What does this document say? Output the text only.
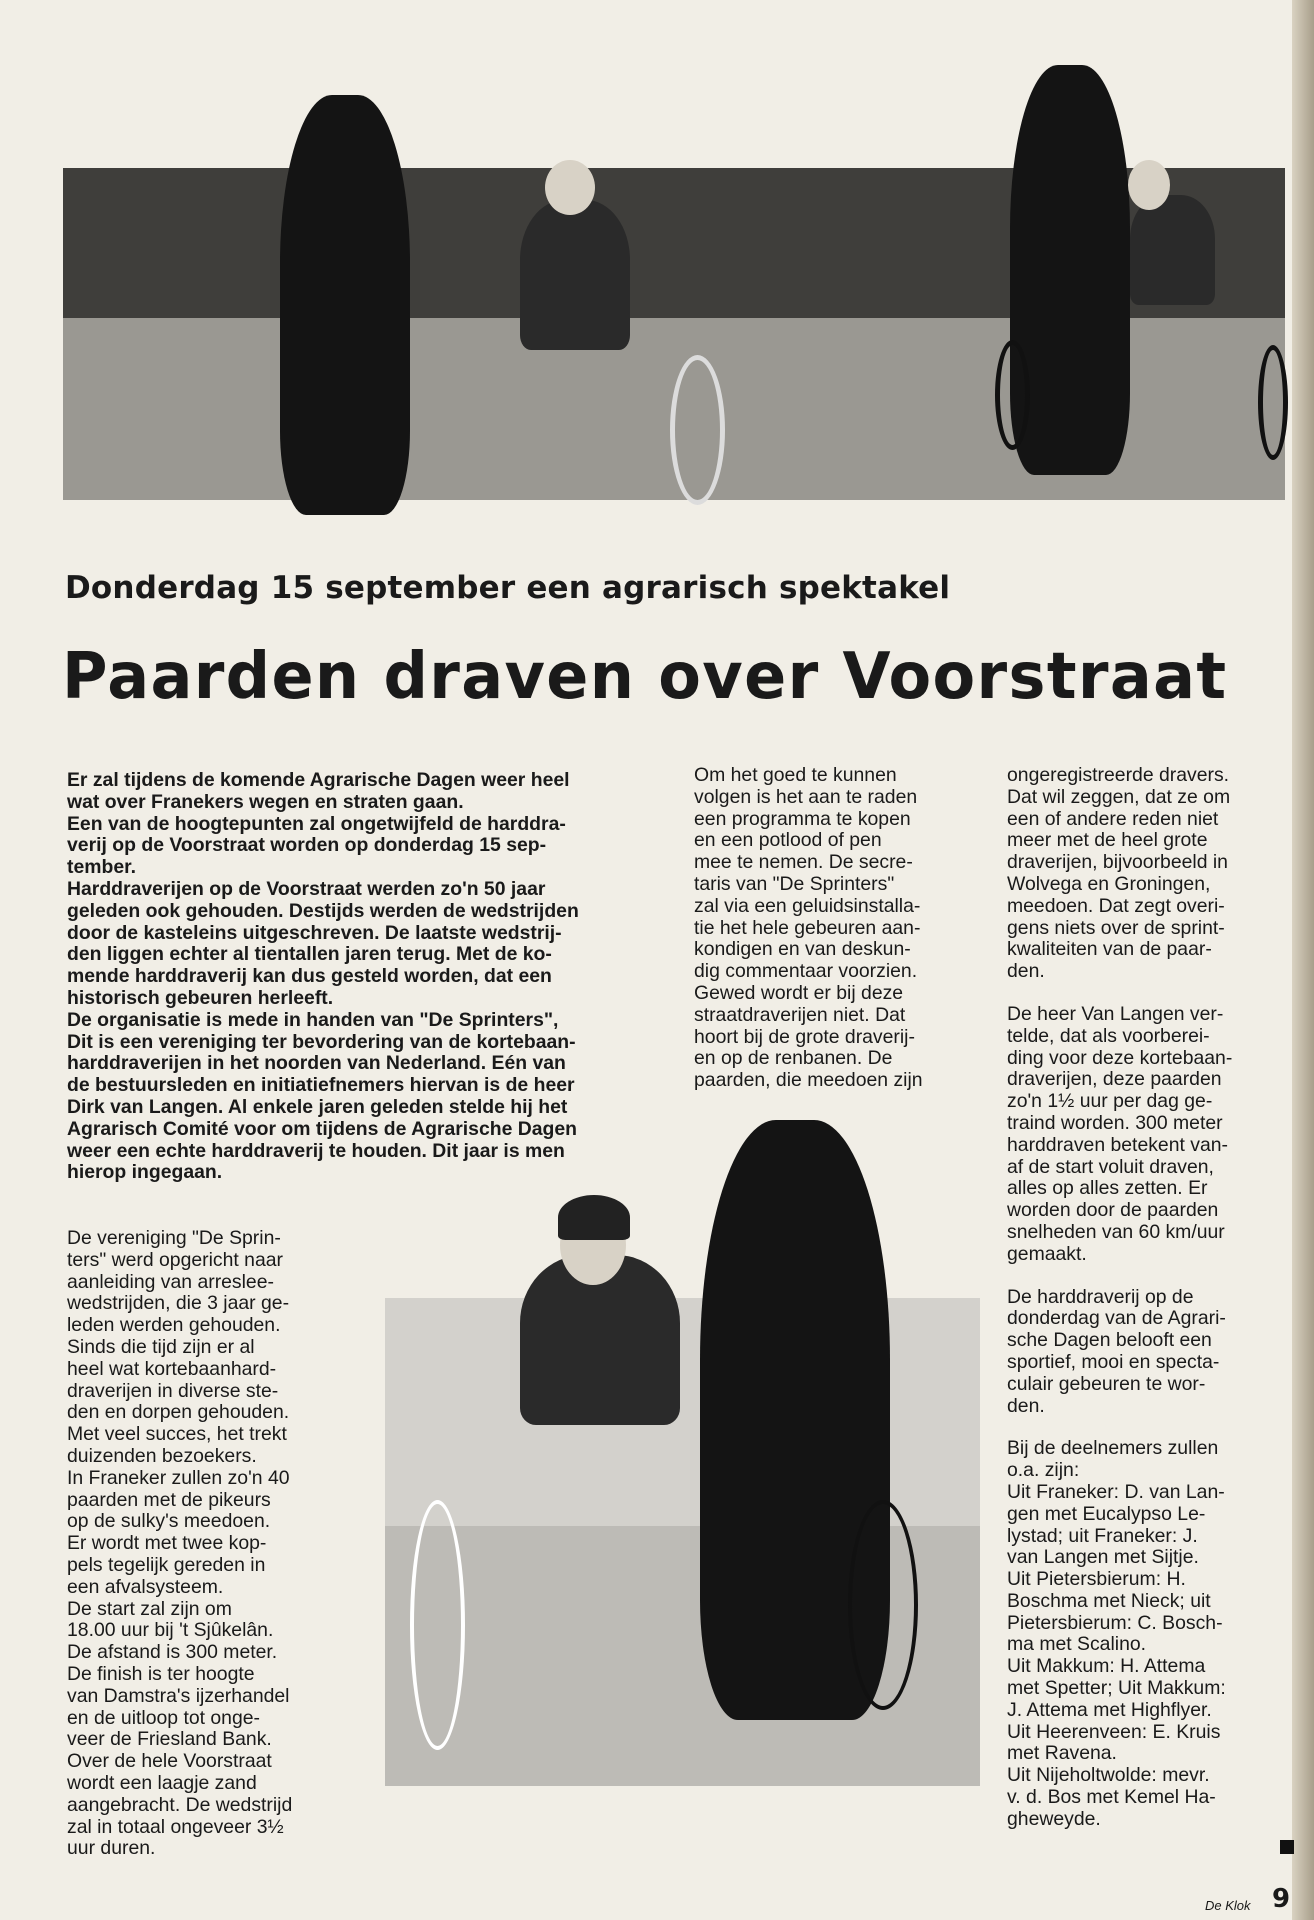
Donderdag 15 september een agrarisch spektakel
Paarden draven over Voorstraat

Er zal tijdens de komende Agrarische Dagen weer heel

wat over Franekers wegen en straten gaan.

Een van de hoogtepunten zal ongetwijfeld de harddra-

verij op de Voorstraat worden op donderdag 15 sep-

tember.

Harddraverijen op de Voorstraat werden zo'n 50 jaar

geleden ook gehouden. Destijds werden de wedstrijden

door de kasteleins uitgeschreven. De laatste wedstrij-

den liggen echter al tientallen jaren terug. Met de ko-

mende harddraverij kan dus gesteld worden, dat een

historisch gebeuren herleeft.

De organisatie is mede in handen van "De Sprinters",

Dit is een vereniging ter bevordering van de kortebaan-

harddraverijen in het noorden van Nederland. Eén van

de bestuursleden en initiatiefnemers hiervan is de heer

Dirk van Langen. Al enkele jaren geleden stelde hij het

Agrarisch Comité voor om tijdens de Agrarische Dagen

weer een echte harddraverij te houden. Dit jaar is men

hierop ingegaan.

De vereniging "De Sprin-

ters" werd opgericht naar

aanleiding van arreslee-

wedstrijden, die 3 jaar ge-

leden werden gehouden.

Sinds die tijd zijn er al

heel wat kortebaanhard-

draverijen in diverse ste-

den en dorpen gehouden.

Met veel succes, het trekt

duizenden bezoekers.

In Franeker zullen zo'n 40

paarden met de pikeurs

op de sulky's meedoen.

Er wordt met twee kop-

pels tegelijk gereden in

een afvalsysteem.

De start zal zijn om

18.00 uur bij 't Sjûkelân.

De afstand is 300 meter.

De finish is ter hoogte

van Damstra's ijzerhandel

en de uitloop tot onge-

veer de Friesland Bank.

Over de hele Voorstraat

wordt een laagje zand

aangebracht. De wedstrijd

zal in totaal ongeveer 3½

uur duren.

Om het goed te kunnen

volgen is het aan te raden

een programma te kopen

en een potlood of pen

mee te nemen. De secre-

taris van "De Sprinters"

zal via een geluidsinstalla-

tie het hele gebeuren aan-

kondigen en van deskun-

dig commentaar voorzien.

Gewed wordt er bij deze

straatdraverijen niet. Dat

hoort bij de grote draverij-

en op de renbanen. De

paarden, die meedoen zijn

ongeregistreerde dravers.

Dat wil zeggen, dat ze om

een of andere reden niet

meer met de heel grote

draverijen, bijvoorbeeld in

Wolvega en Groningen,

meedoen. Dat zegt overi-

gens niets over de sprint-

kwaliteiten van de paar-

den.

De heer Van Langen ver-

telde, dat als voorberei-

ding voor deze kortebaan-

draverijen, deze paarden

zo'n 1½ uur per dag ge-

traind worden. 300 meter

harddraven betekent van-

af de start voluit draven,

alles op alles zetten. Er

worden door de paarden

snelheden van 60 km/uur

gemaakt.

De harddraverij op de

donderdag van de Agrari-

sche Dagen belooft een

sportief, mooi en specta-

culair gebeuren te wor-

den.

Bij de deelnemers zullen

o.a. zijn:

Uit Franeker: D. van Lan-

gen met Eucalypso Le-

lystad; uit Franeker: J.

van Langen met Sijtje.

Uit Pietersbierum: H.

Boschma met Nieck; uit

Pietersbierum: C. Bosch-

ma met Scalino.

Uit Makkum: H. Attema

met Spetter; Uit Makkum:

J. Attema met Highflyer.

Uit Heerenveen: E. Kruis

met Ravena.

Uit Nijeholtwolde: mevr.

v. d. Bos met Kemel Ha-

gheweyde.

De Klok 9
